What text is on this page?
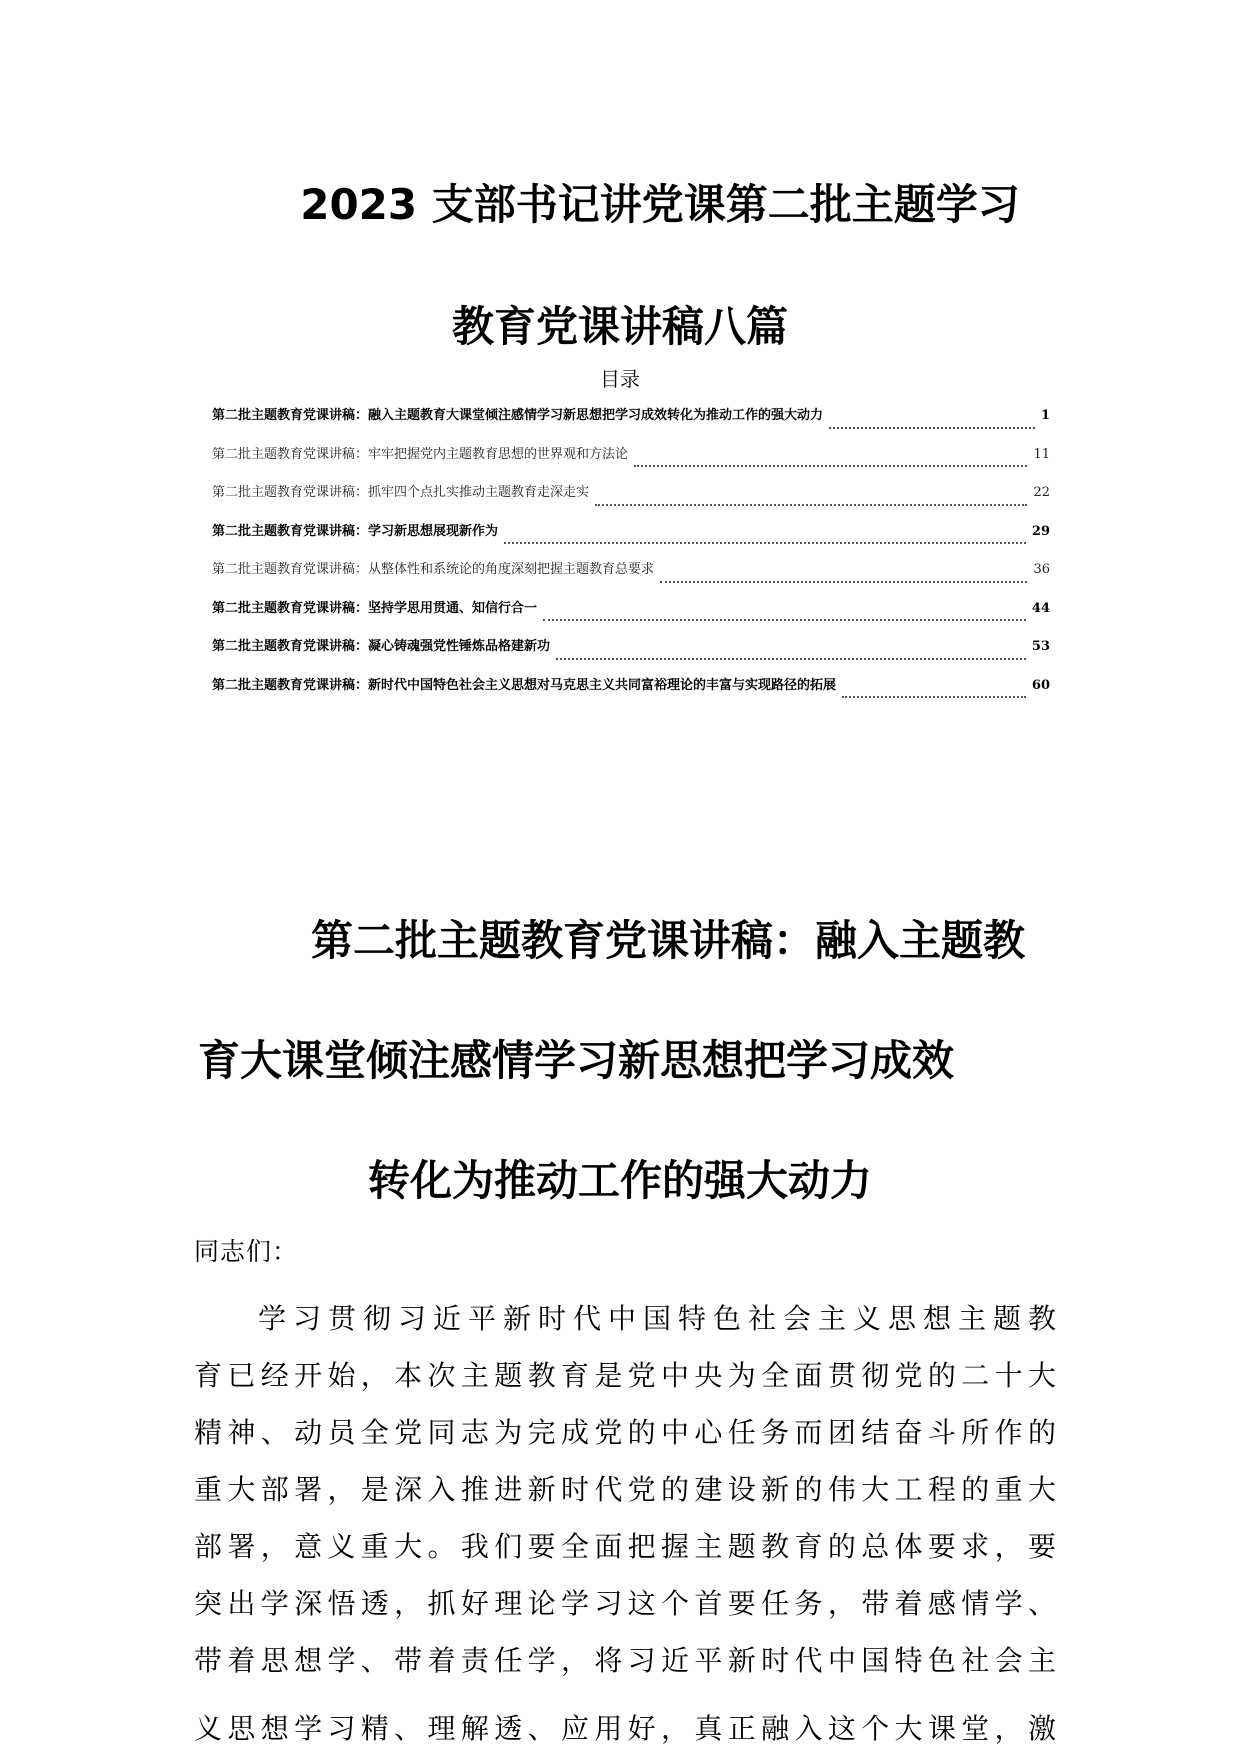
2023 支部书记讲党课第二批主题学习
教育党课讲稿八篇
目录
第二批主题教育党课讲稿：融入主题教育大课堂倾注感情学习新思想把学习成效转化为推动工作的强大动力	1
第二批主题教育党课讲稿：牢牢把握党内主题教育思想的世界观和方法论	11
第二批主题教育党课讲稿：抓牢四个点扎实推动主题教育走深走实	22
第二批主题教育党课讲稿：学习新思想展现新作为	29
第二批主题教育党课讲稿：从整体性和系统论的角度深刻把握主题教育总要求	36
第二批主题教育党课讲稿：坚持学思用贯通、知信行合一	44
第二批主题教育党课讲稿：凝心铸魂强党性锤炼品格建新功	53
第二批主题教育党课讲稿：新时代中国特色社会主义思想对马克思主义共同富裕理论的丰富与实现路径的拓展	60
第二批主题教育党课讲稿：融入主题教
育大课堂倾注感情学习新思想把学习成效
转化为推动工作的强大动力
同志们：

学习贯彻习近平新时代中国特色社会主义思想主题教
育已经开始，本次主题教育是党中央为全面贯彻党的二十大
精神、动员全党同志为完成党的中心任务而团结奋斗所作的
重大部署，是深入推进新时代党的建设新的伟大工程的重大
部署，意义重大。我们要全面把握主题教育的总体要求，要
突出学深悟透，抓好理论学习这个首要任务，带着感情学、
带着思想学、带着责任学，将习近平新时代中国特色社会主
义思想学习精、理解透、应用好，真正融入这个大课堂，激
